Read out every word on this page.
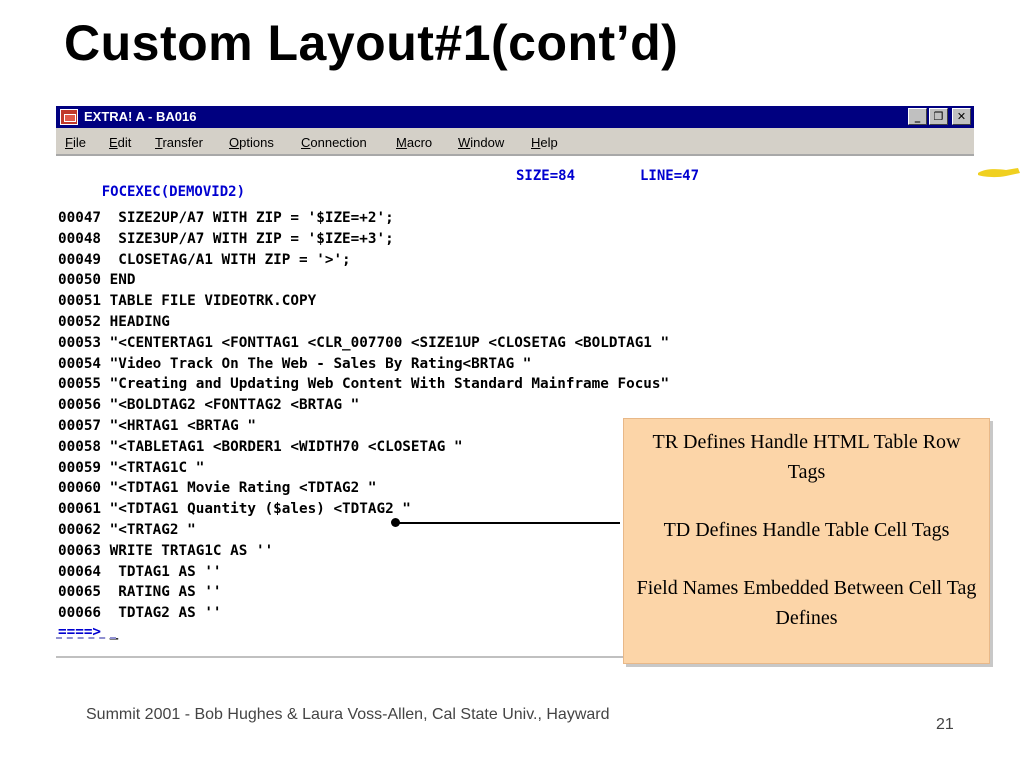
Custom Layout#1(cont’d)
EXTRA! A - BA016	_	❐	✕
File Edit Transfer Options Connection Macro Window Help

FOCEXEC(DEMOVID2)

SIZE=84

	LINE=47

00047  SIZE2UP/A7 WITH ZIP = '$IZE=+2';
00048  SIZE3UP/A7 WITH ZIP = '$IZE=+3';
00049  CLOSETAG/A1 WITH ZIP = '>';
00050 END
00051 TABLE FILE VIDEOTRK.COPY
00052 HEADING
00053 "<CENTERTAG1 <FONTTAG1 <CLR_007700 <SIZE1UP <CLOSETAG <BOLDTAG1 "
00054 "Video Track On The Web - Sales By Rating<BRTAG "
00055 "Creating and Updating Web Content With Standard Mainframe Focus"
00056 "<BOLDTAG2 <FONTTAG2 <BRTAG "
00057 "<HRTAG1 <BRTAG "
00058 "<TABLETAG1 <BORDER1 <WIDTH70 <CLOSETAG "
00059 "<TRTAG1C "
00060 "<TDTAG1 Movie Rating <TDTAG2 "
00061 "<TDTAG1 Quantity ($ales) <TDTAG2 "
00062 "<TRTAG2 "
00063 WRITE TRTAG1C AS ''
00064  TDTAG1 AS ''
00065  RATING AS ''
00066  TDTAG2 AS ''
====> _

TR Defines Handle HTML Table Row Tags

TD Defines Handle Table Cell Tags

Field Names Embedded Between Cell Tag Defines

Summit 2001 - Bob Hughes & Laura Voss-Allen, Cal State Univ., Hayward
21
